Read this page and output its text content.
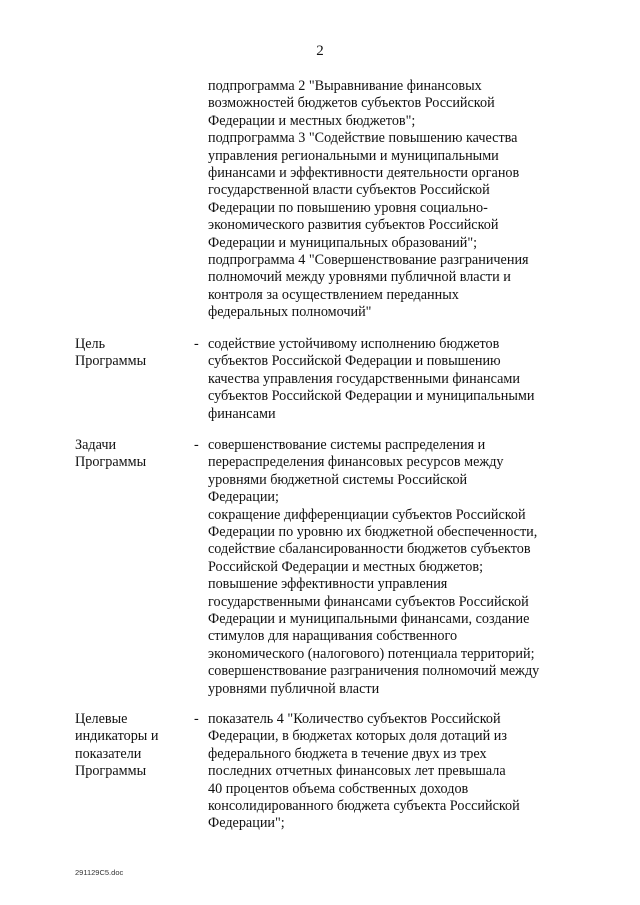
2
подпрограмма 2 "Выравнивание финансовых
возможностей бюджетов субъектов Российской
Федерации и местных бюджетов";
подпрограмма 3 "Содействие повышению качества
управления региональными и муниципальными
финансами и эффективности деятельности органов
государственной власти субъектов Российской
Федерации по повышению уровня социально-
экономического развития субъектов Российской
Федерации и муниципальных образований";
подпрограмма 4 "Совершенствование разграничения
полномочий между уровнями публичной власти и
контроля за осуществлением переданных
федеральных полномочий"
Цель
Программы
- содействие устойчивому исполнению бюджетов
субъектов Российской Федерации и повышению
качества управления государственными финансами
субъектов Российской Федерации и муниципальными
финансами
Задачи
Программы
- совершенствование системы распределения и
перераспределения финансовых ресурсов между
уровнями бюджетной системы Российской
Федерации;
сокращение дифференциации субъектов Российской
Федерации по уровню их бюджетной обеспеченности,
содействие сбалансированности бюджетов субъектов
Российской Федерации и местных бюджетов;
повышение эффективности управления
государственными финансами субъектов Российской
Федерации и муниципальными финансами, создание
стимулов для наращивания собственного
экономического (налогового) потенциала территорий;
совершенствование разграничения полномочий между
уровнями публичной власти
Целевые
индикаторы и
показатели
Программы
- показатель 4 "Количество субъектов Российской
Федерации, в бюджетах которых доля дотаций из
федерального бюджета в течение двух из трех
последних отчетных финансовых лет превышала
40 процентов объема собственных доходов
консолидированного бюджета субъекта Российской
Федерации";
291129C5.doc
